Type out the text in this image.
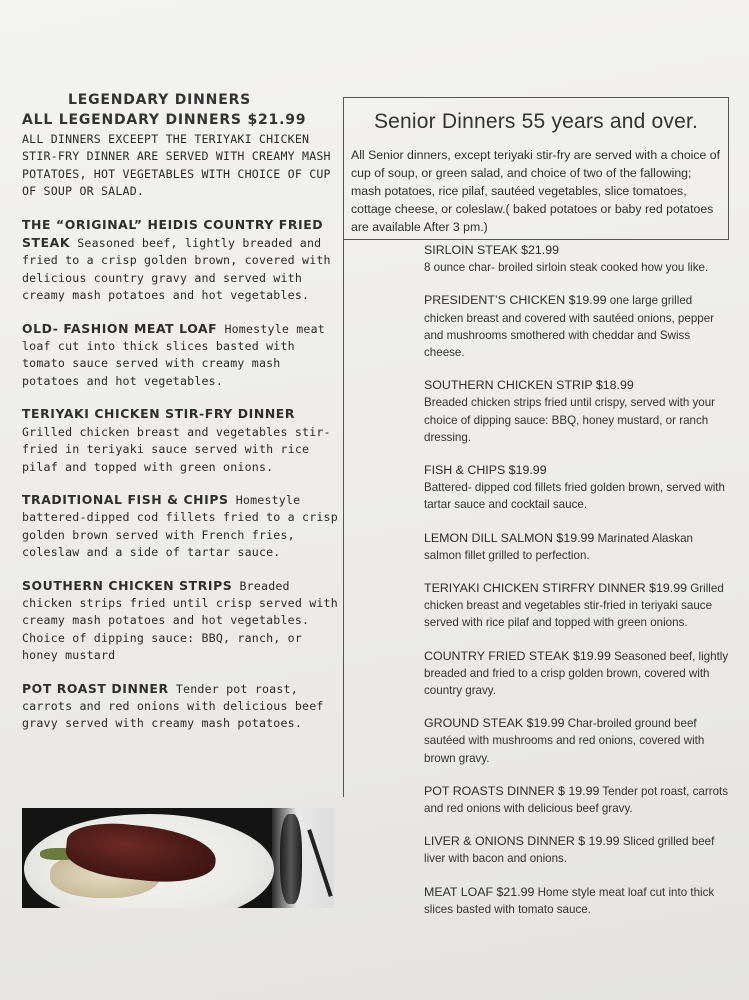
LEGENDARY DINNERS
ALL LEGENDARY DINNERS $21.99
ALL DINNERS EXCEEPT THE TERIYAKI CHICKEN STIR-FRY DINNER ARE SERVED WITH CREAMY MASH POTATOES, HOT VEGETABLES WITH CHOICE OF CUP OF SOUP OR SALAD.
THE “ORIGINAL” HEIDIS COUNTRY FRIED STEAK Seasoned beef, lightly breaded and fried to a crisp golden brown, covered with delicious country gravy and served with creamy mash potatoes and hot vegetables.
OLD- FASHION MEAT LOAF Homestyle meat loaf cut into thick slices basted with tomato sauce served with creamy mash potatoes and hot vegetables.
TERIYAKI CHICKEN STIR-FRY DINNER Grilled chicken breast and vegetables stir-fried in teriyaki sauce served with rice pilaf and topped with green onions.
TRADITIONAL FISH & CHIPS Homestyle battered-dipped cod fillets fried to a crisp golden brown served with French fries, coleslaw and a side of tartar sauce.
SOUTHERN CHICKEN STRIPS Breaded chicken strips fried until crisp served with creamy mash potatoes and hot vegetables. Choice of dipping sauce: BBQ, ranch, or honey mustard
POT ROAST DINNER Tender pot roast, carrots and red onions with delicious beef gravy served with creamy mash potatoes.
Senior Dinners 55 years and over.
All Senior dinners, except teriyaki stir-fry are served with a choice of cup of soup, or green salad, and choice of two of the fallowing; mash potatoes, rice pilaf, sautéed vegetables, slice tomatoes, cottage cheese, or coleslaw.( baked potatoes or baby red potatoes are available After 3 pm.)
SIRLOIN STEAK $21.99
8 ounce char- broiled sirloin steak cooked how you like.
PRESIDENT’S CHICKEN $19.99 one large grilled chicken breast and covered with sautéed onions, pepper and mushrooms smothered with cheddar and Swiss cheese.
SOUTHERN CHICKEN STRIP $18.99
Breaded chicken strips fried until crispy, served with your choice of dipping sauce: BBQ, honey mustard, or ranch dressing.
FISH & CHIPS $19.99
Battered- dipped cod fillets fried golden brown, served with tartar sauce and cocktail sauce.
LEMON DILL SALMON $19.99 Marinated Alaskan salmon fillet grilled to perfection.
TERIYAKI CHICKEN STIRFRY DINNER $19.99 Grilled chicken breast and vegetables stir-fried in teriyaki sauce served with rice pilaf and topped with green onions.
COUNTRY FRIED STEAK $19.99 Seasoned beef, lightly breaded and fried to a crisp golden brown, covered with country gravy.
GROUND STEAK $19.99 Char-broiled ground beef sautéed with mushrooms and red onions, covered with brown gravy.
POT ROASTS DINNER $ 19.99 Tender pot roast, carrots and red onions with delicious beef gravy.
LIVER & ONIONS DINNER $ 19.99 Sliced grilled beef liver with bacon and onions.
MEAT LOAF $21.99 Home style meat loaf cut into thick slices basted with tomato sauce.
